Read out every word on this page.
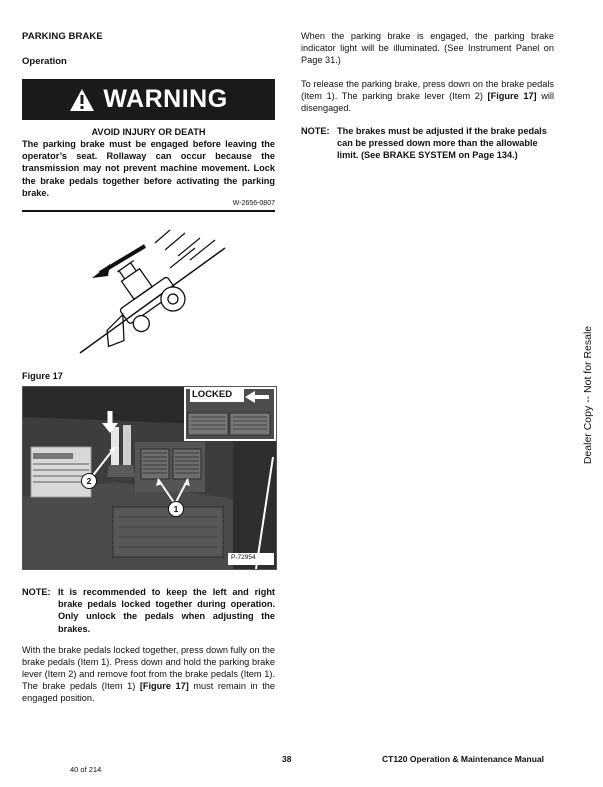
PARKING BRAKE
Operation
WARNING
AVOID INJURY OR DEATH
The parking brake must be engaged before leaving the operator’s seat. Rollaway can occur because the transmission may not prevent machine movement. Lock the brake pedals together before activating the parking brake.
W-2656-0807
Figure 17
LOCKED
2
1
P-72954
NOTE: It is recommended to keep the left and right brake pedals locked together during operation. Only unlock the pedals when adjusting the brakes.
With the brake pedals locked together, press down fully on the brake pedals (Item 1). Press down and hold the parking brake lever (Item 2) and remove foot from the brake pedals (Item 1). The brake pedals (Item 1) [Figure 17] must remain in the engaged position.
When the parking brake is engaged, the parking brake indicator light will be illuminated. (See Instrument Panel on Page 31.)
To release the parking brake, press down on the brake pedals (Item 1). The parking brake lever (Item 2) [Figure 17] will disengaged.
NOTE: The brakes must be adjusted if the brake pedals can be pressed down more than the allowable limit. (See BRAKE SYSTEM on Page 134.)
Dealer Copy -- Not for Resale
38	CT120 Operation & Maintenance Manual
40 of 214
